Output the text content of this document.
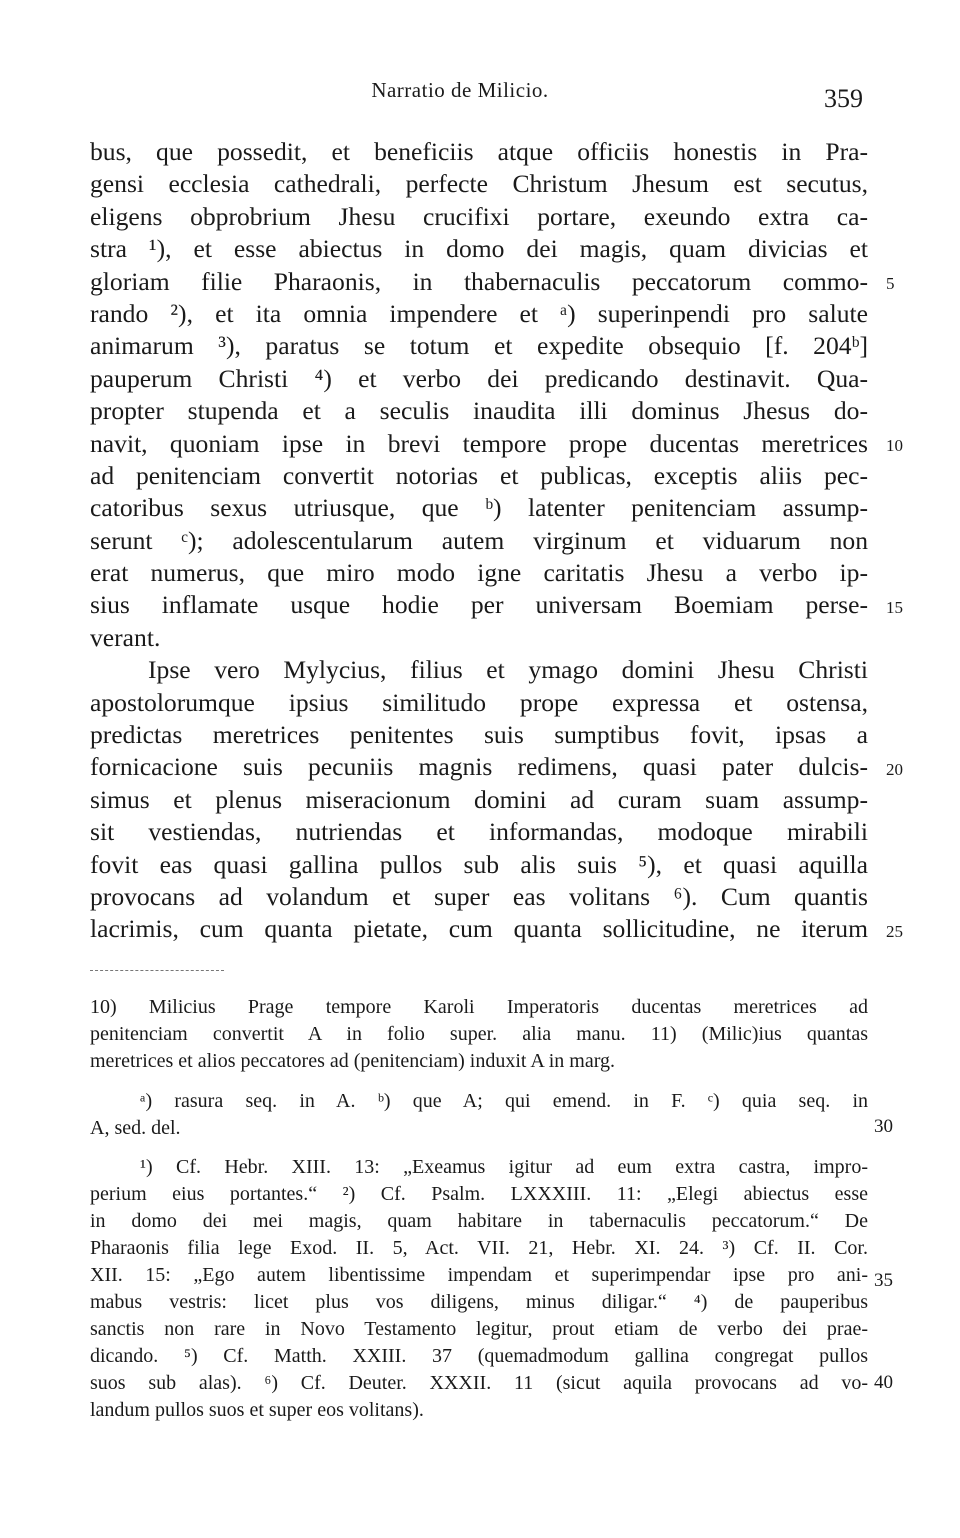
Narratio de Milicio.	359
bus, que possedit, et beneficiis atque officiis honestis in Pra-
gensi ecclesia cathedrali, perfecte Christum Jhesum est secutus,
eligens obprobrium Jhesu crucifixi portare, exeundo extra ca-
stra ¹), et esse abiectus in domo dei magis, quam divicias et
gloriam filie Pharaonis, in thabernaculis peccatorum commo-
rando ²), et ita omnia impendere et ᵃ) superinpendi pro salute
animarum ³), paratus se totum et expedite obsequio [f. 204ᵇ]
pauperum Christi ⁴) et verbo dei predicando destinavit. Qua-
propter stupenda et a seculis inaudita illi dominus Jhesus do-
navit, quoniam ipse in brevi tempore prope ducentas meretrices
ad penitenciam convertit notorias et publicas, exceptis aliis pec-
catoribus sexus utriusque, que ᵇ) latenter penitenciam assump-
serunt ᶜ); adolescentularum autem virginum et viduarum non
erat numerus, que miro modo igne caritatis Jhesu a verbo ip-
sius inflamate usque hodie per universam Boemiam perse-
verant.
Ipse vero Mylycius, filius et ymago domini Jhesu Christi
apostolorumque ipsius similitudo prope expressa et ostensa,
predictas meretrices penitentes suis sumptibus fovit, ipsas a
fornicacione suis pecuniis magnis redimens, quasi pater dulcis-
simus et plenus miseracionum domini ad curam suam assump-
sit vestiendas, nutriendas et informandas, modoque mirabili
fovit eas quasi gallina pullos sub alis suis ⁵), et quasi aquilla
provocans ad volandum et super eas volitans ⁶). Cum quantis
lacrimis, cum quanta pietate, cum quanta sollicitudine, ne iterum
5
10
15
20
25
10) Milicius Prage tempore Karoli Imperatoris ducentas meretrices ad
penitenciam convertit A in folio super. alia manu. 11) (Milic)ius quantas
meretrices et alios peccatores ad (penitenciam) induxit A in marg.
ᵃ) rasura seq. in A. ᵇ) que A; qui emend. in F. ᶜ) quia seq. in
A, sed. del.
¹) Cf. Hebr. XIII. 13: „Exeamus igitur ad eum extra castra, impro-
perium eius portantes.“ ²) Cf. Psalm. LXXXIII. 11: „Elegi abiectus esse
in domo dei mei magis, quam habitare in tabernaculis peccatorum.“ De
Pharaonis filia lege Exod. II. 5, Act. VII. 21, Hebr. XI. 24. ³) Cf. II. Cor.
XII. 15: „Ego autem libentissime impendam et superimpendar ipse pro ani-
mabus vestris: licet plus vos diligens, minus diligar.“ ⁴) de pauperibus
sanctis non rare in Novo Testamento legitur, prout etiam de verbo dei prae-
dicando. ⁵) Cf. Matth. XXIII. 37 (quemadmodum gallina congregat pullos
suos sub alas). ⁶) Cf. Deuter. XXXII. 11 (sicut aquila provocans ad vo-
landum pullos suos et super eos volitans).
30
35
40
